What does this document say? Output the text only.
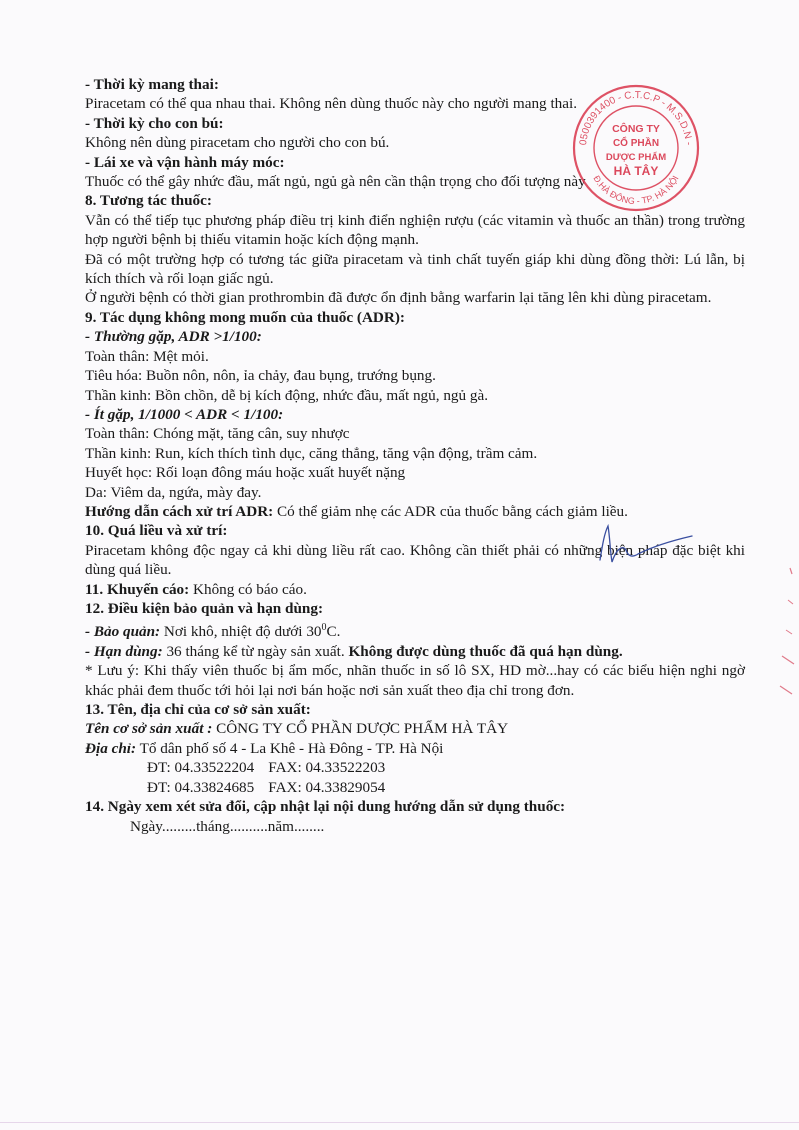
- Thời kỳ mang thai:

Piracetam có thể qua nhau thai. Không nên dùng thuốc này cho người mang thai.

- Thời kỳ cho con bú:

Không nên dùng piracetam cho người cho con bú.

- Lái xe và vận hành máy móc:

Thuốc có thể gây nhức đầu, mất ngủ, ngủ gà nên cần thận trọng cho đối tượng này

8. Tương tác thuốc:

Vẫn có thể tiếp tục phương pháp điều trị kinh điển nghiện rượu (các vitamin và thuốc an thần) trong trường hợp người bệnh bị thiếu vitamin hoặc kích động mạnh.

Đã có một trường hợp có tương tác giữa piracetam và tinh chất tuyến giáp khi dùng đồng thời: Lú lẫn, bị kích thích và rối loạn giấc ngủ.

Ở người bệnh có thời gian prothrombin đã được ổn định bằng warfarin lại tăng lên khi dùng piracetam.

9. Tác dụng không mong muốn của thuốc (ADR):

- Thường gặp, ADR >1/100:

Toàn thân: Mệt mỏi.

Tiêu hóa: Buồn nôn, nôn, ỉa chảy, đau bụng, trướng bụng.

Thần kinh: Bồn chồn, dễ bị kích động, nhức đầu, mất ngủ, ngủ gà.

- Ít gặp, 1/1000 < ADR < 1/100:

Toàn thân: Chóng mặt, tăng cân, suy nhược

Thần kinh: Run, kích thích tình dục, căng thẳng, tăng vận động, trầm cảm.

Huyết học: Rối loạn đông máu hoặc xuất huyết nặng

Da: Viêm da, ngứa, mày đay.

Hướng dẫn cách xử trí ADR: Có thể giảm nhẹ các ADR của thuốc bằng cách giảm liều.

10. Quá liều và xử trí:

Piracetam không độc ngay cả khi dùng liều rất cao. Không cần thiết phải có những biện pháp đặc biệt khi dùng quá liều.

11. Khuyến cáo: Không có báo cáo.

12. Điều kiện bảo quản và hạn dùng:

- Bảo quản: Nơi khô, nhiệt độ dưới $30^0C$.

- Hạn dùng: 36 tháng kể từ ngày sản xuất. Không được dùng thuốc đã quá hạn dùng.

* Lưu ý: Khi thấy viên thuốc bị ẩm mốc, nhãn thuốc in số lô SX, HD mờ...hay có các biểu hiện nghi ngờ khác phải đem thuốc tới hỏi lại nơi bán hoặc nơi sản xuất theo địa chỉ trong đơn.

13. Tên, địa chỉ của cơ sở sản xuất:

Tên cơ sở sản xuất : CÔNG TY CỔ PHẦN DƯỢC PHẨM HÀ TÂY

Địa chỉ: Tổ dân phố số 4 - La Khê - Hà Đông - TP. Hà Nội

ĐT: 04.33522204 FAX: 04.33522203

ĐT: 04.33824685 FAX: 04.33829054

14. Ngày xem xét sửa đổi, cập nhật lại nội dung hướng dẫn sử dụng thuốc:

Ngày.........tháng..........năm........

0500391400 - C.T.C.P - M.S.D.N -
Đ.HÀ ĐÔNG - TP. HÀ NỘI
CÔNG TY
CỔ PHẦN
DƯỢC PHẨM
HÀ TÂY
